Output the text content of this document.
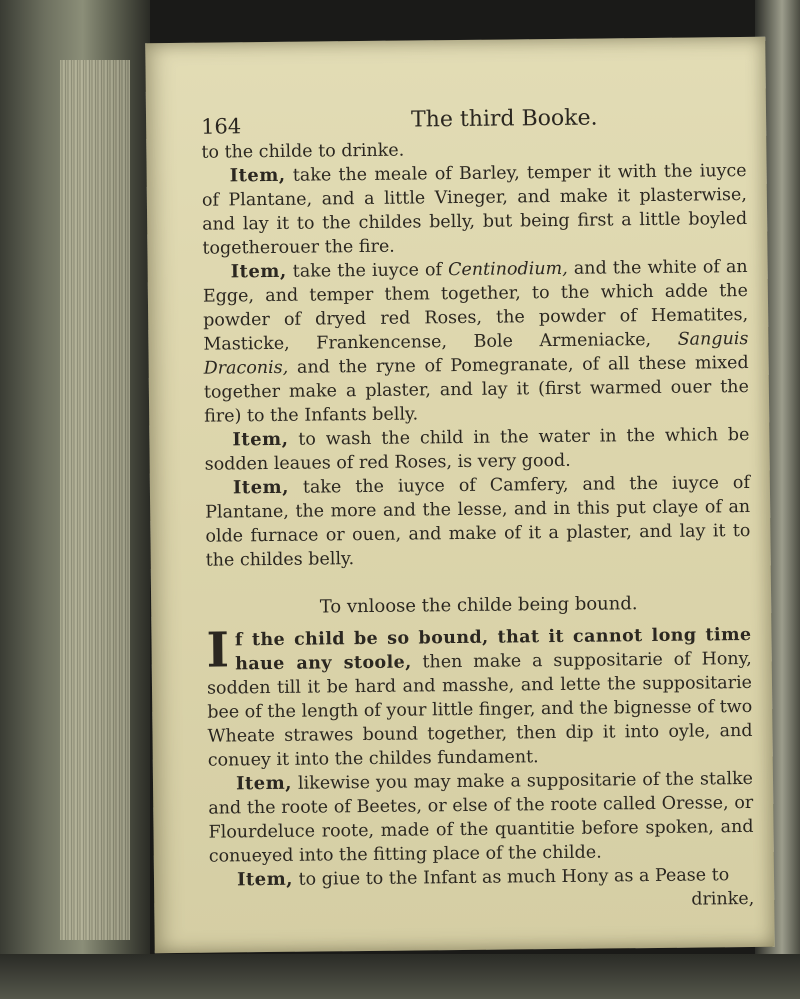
164	The third Booke.

to the childe to drinke.

Item, take the meale of Barley, temper it with the iuyce of Plantane, and a little Vineger, and make it plasterwise, and lay it to the childes belly, but being first a little boyled togetherouer the fire.

Item, take the iuyce of Centinodium, and the white of an Egge, and temper them together, to the which adde the powder of dryed red Roses, the powder of Hematites, Masticke, Frankencense, Bole Armeniacke, Sanguis Draconis, and the ryne of Pomegranate, of all these mixed together make a plaster, and lay it (first warmed ouer the fire) to the Infants belly.

Item, to wash the child in the water in the which be sodden leaues of red Roses, is very good.

Item, take the iuyce of Camfery, and the iuyce of Plantane, the more and the lesse, and in this put claye of an olde furnace or ouen, and make of it a plaster, and lay it to the childes belly.

To vnloose the childe being bound.

If the child be so bound, that it cannot long time haue any stoole, then make a suppositarie of Hony, sodden till it be hard and masshe, and lette the suppositarie bee of the length of your little finger, and the bignesse of two Wheate strawes bound together, then dip it into oyle, and conuey it into the childes fundament.

Item, likewise you may make a suppositarie of the stalke and the roote of Beetes, or else of the roote called Oresse, or Flourdeluce roote, made of the quantitie before spoken, and conueyed into the fitting place of the childe.

Item, to giue to the Infant as much Hony as a Pease to

drinke,
